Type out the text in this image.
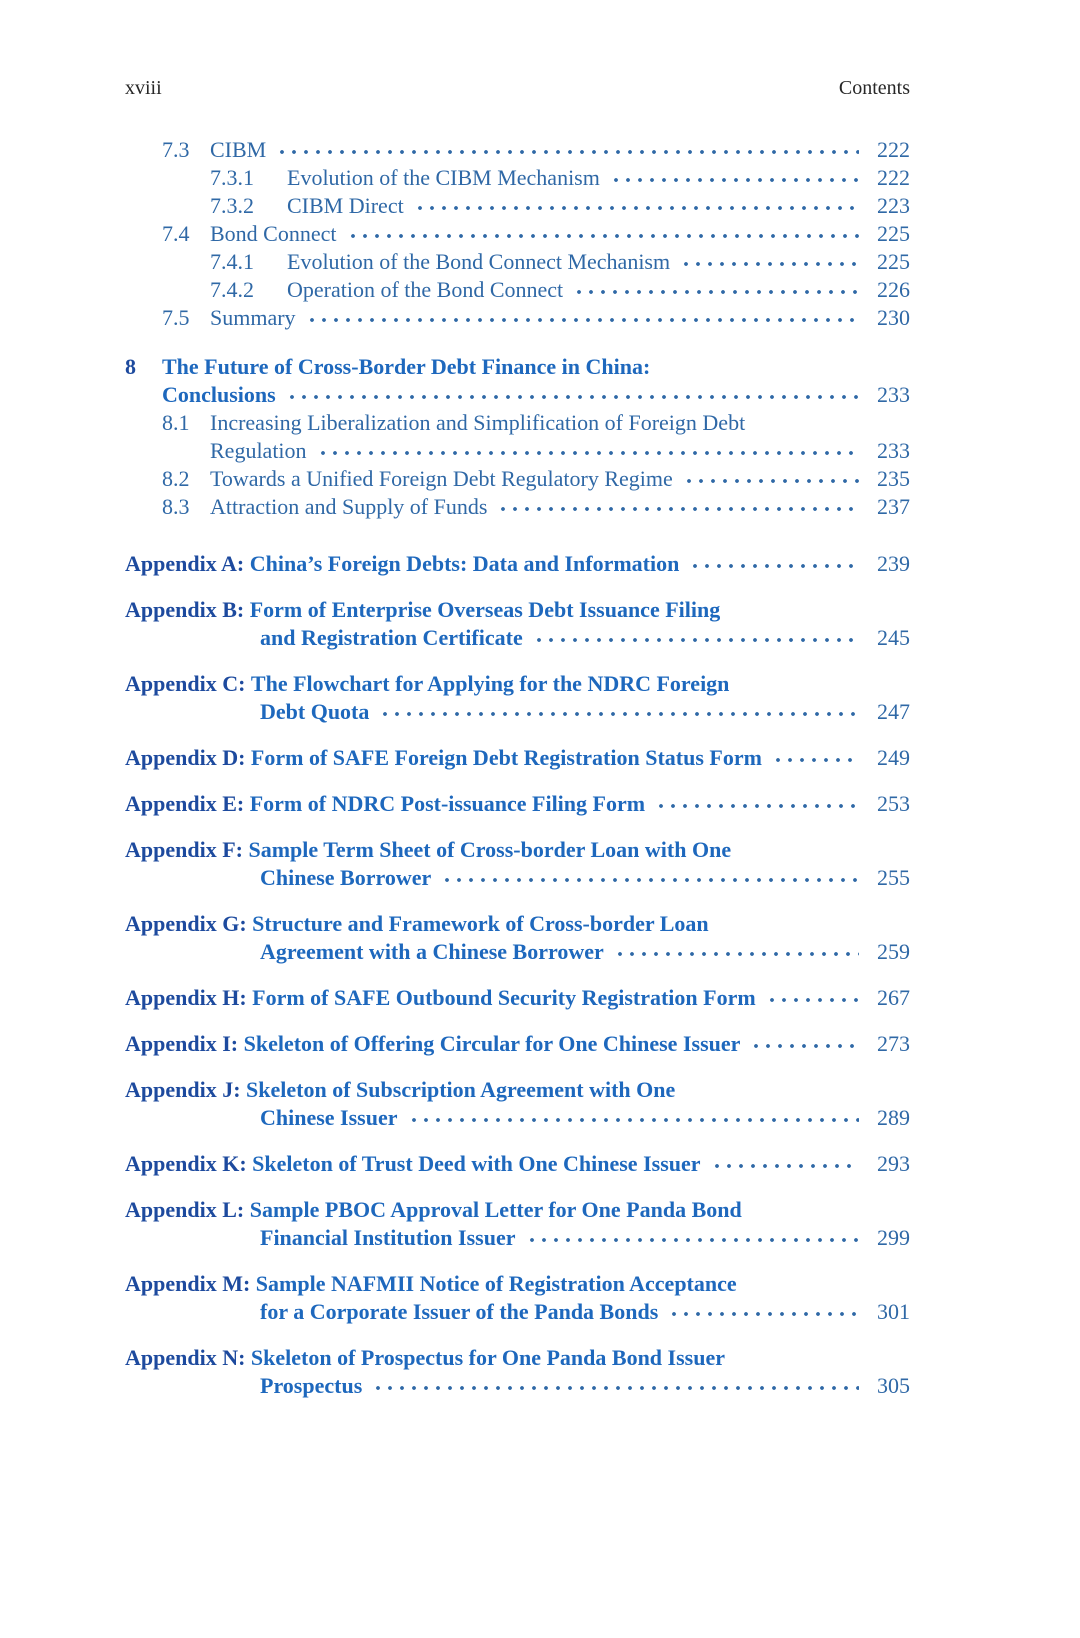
xviii	Contents
7.3 CIBM	222
7.3.1	Evolution of the CIBM Mechanism	222
7.3.2	CIBM Direct	223
7.4 Bond Connect	225
7.4.1	Evolution of the Bond Connect Mechanism	225
7.4.2	Operation of the Bond Connect	226
7.5 Summary	230
8	The Future of Cross-Border Debt Finance in China:
Conclusions	233
8.1 Increasing Liberalization and Simplification of Foreign Debt
Regulation	233
8.2 Towards a Unified Foreign Debt Regulatory Regime	235
8.3 Attraction and Supply of Funds	237
Appendix A: China’s Foreign Debts: Data and Information	239
Appendix B: Form of Enterprise Overseas Debt Issuance Filing
and Registration Certificate	245
Appendix C: The Flowchart for Applying for the NDRC Foreign
Debt Quota	247
Appendix D: Form of SAFE Foreign Debt Registration Status Form	249
Appendix E: Form of NDRC Post-issuance Filing Form	253
Appendix F: Sample Term Sheet of Cross-border Loan with One
Chinese Borrower	255
Appendix G: Structure and Framework of Cross-border Loan
Agreement with a Chinese Borrower	259
Appendix H: Form of SAFE Outbound Security Registration Form	267
Appendix I: Skeleton of Offering Circular for One Chinese Issuer	273
Appendix J: Skeleton of Subscription Agreement with One
Chinese Issuer	289
Appendix K: Skeleton of Trust Deed with One Chinese Issuer	293
Appendix L: Sample PBOC Approval Letter for One Panda Bond
Financial Institution Issuer	299
Appendix M: Sample NAFMII Notice of Registration Acceptance
for a Corporate Issuer of the Panda Bonds	301
Appendix N: Skeleton of Prospectus for One Panda Bond Issuer
Prospectus	305
